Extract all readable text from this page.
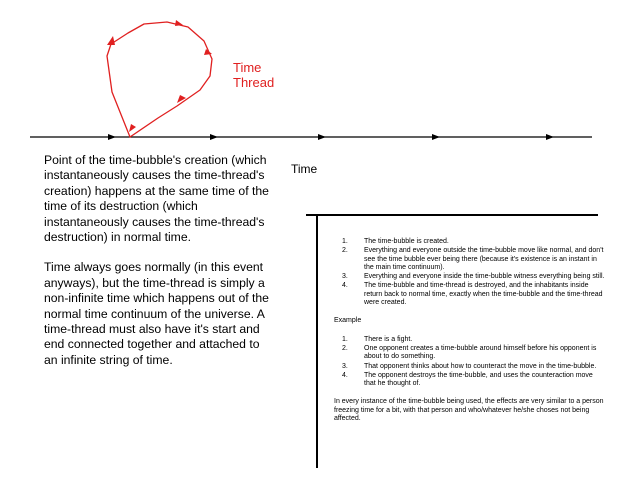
Time
Thread
Time

Point of the time-bubble's creation (which instantaneously causes the time-thread's creation) happens at the same time of the time of its destruction (which instantaneously causes the time-thread's destruction) in normal time.

Time always goes normally (in this event anyways), but the time-thread is simply a non-infinite time which happens out of the normal time continuum of the universe. A time-thread must also have it's start and end connected together and attached to an infinite string of time.

1. The time-bubble is created.
2. Everything and everyone outside the time-bubble move like normal, and don't see the time bubble ever being there (because it's existence is an instant in the main time continuum).
3. Everything and everyone inside the time-bubble witness everything being still.
4. The time-bubble and time-thread is destroyed, and the inhabitants inside return back to normal time, exactly when the time-bubble and the time-thread were created.
Example
1. There is a fight.
2. One opponent creates a time-bubble around himself before his opponent is about to do something.
3. That opponent thinks about how to counteract the move in the time-bubble.
4. The opponent destroys the time-bubble, and uses the counteraction move that he thought of.
In every instance of the time-bubble being used, the effects are very similar to a person freezing time for a bit, with that person and who/whatever he/she choses not being affected.
